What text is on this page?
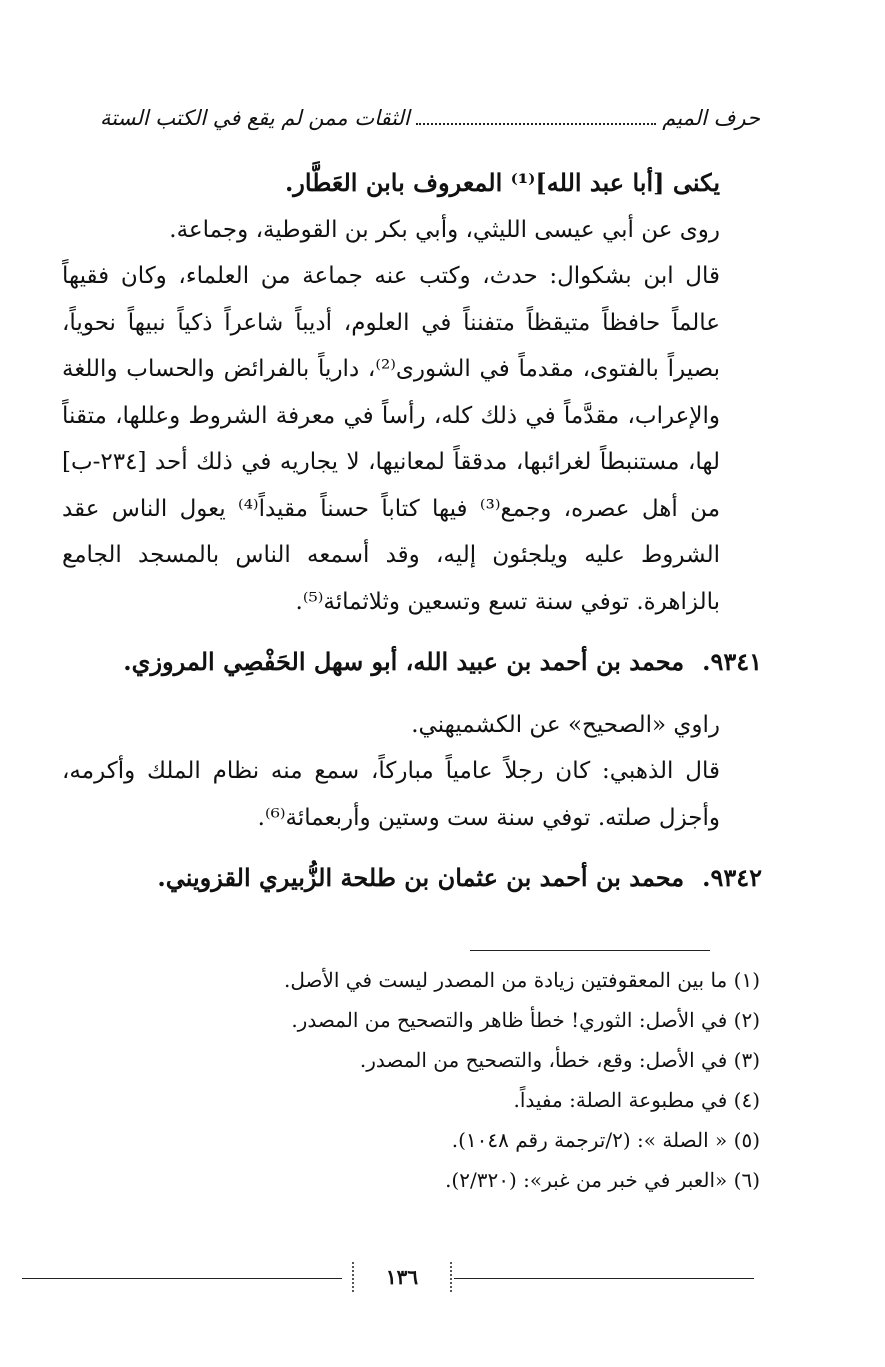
حرف الميم
الثقات ممن لم يقع في الكتب الستة

يكنى [أبا عبد الله]⁽¹⁾ المعروف بابن العَطَّار.

روى عن أبي عيسى الليثي، وأبي بكر بن القوطية، وجماعة.

قال ابن بشكوال: حدث، وكتب عنه جماعة من العلماء، وكان فقيهاً عالماً حافظاً متيقظاً متفنناً في العلوم، أديباً شاعراً ذكياً نبيهاً نحوياً، بصيراً بالفتوى، مقدماً في الشورى⁽²⁾، دارياً بالفرائض والحساب واللغة والإعراب، مقدَّماً في ذلك كله، رأساً في معرفة الشروط وعللها، متقناً لها، مستنبطاً لغرائبها، مدققاً لمعانيها، لا يجاريه في ذلك أحد [٢٣٤-ب] من أهل عصره، وجمع⁽³⁾ فيها كتاباً حسناً مقيداً⁽⁴⁾ يعول الناس عقد الشروط عليه ويلجئون إليه، وقد أسمعه الناس بالمسجد الجامع بالزاهرة. توفي سنة تسع وتسعين وثلاثمائة⁽⁵⁾.

٩٣٤١.محمد بن أحمد بن عبيد الله، أبو سهل الحَفْصِي المروزي.

راوي «الصحيح» عن الكشميهني.

قال الذهبي: كان رجلاً عامياً مباركاً، سمع منه نظام الملك وأكرمه، وأجزل صلته. توفي سنة ست وستين وأربعمائة⁽⁶⁾.

٩٣٤٢.محمد بن أحمد بن عثمان بن طلحة الزُّبيري القزويني.

(١) ما بين المعقوفتين زيادة من المصدر ليست في الأصل.

(٢) في الأصل: الثوري! خطأ ظاهر والتصحيح من المصدر.

(٣) في الأصل: وقع، خطأ، والتصحيح من المصدر.

(٤) في مطبوعة الصلة: مفيداً.

(٥) « الصلة »: (٢/ترجمة رقم ١٠٤٨).

(٦) «العبر في خبر من غبر»: (٢/٣٢٠).

١٣٦
